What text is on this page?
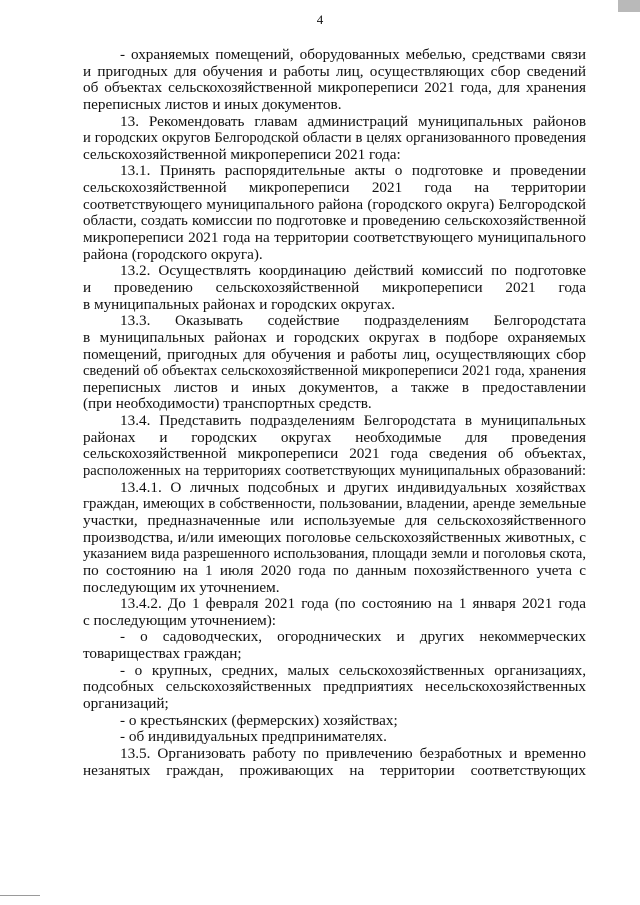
4
- охраняемых помещений, оборудованных мебелью, средствами связи
и пригодных для обучения и работы лиц, осуществляющих сбор сведений
об объектах сельскохозяйственной микропереписи 2021 года, для хранения
переписных листов и иных документов.
13. Рекомендовать главам администраций муниципальных районов
и городских округов Белгородской области в целях организованного проведения
сельскохозяйственной микропереписи 2021 года:
13.1. Принять распорядительные акты о подготовке и проведении
сельскохозяйственной микропереписи 2021 года на территории
соответствующего муниципального района (городского округа) Белгородской
области, создать комиссии по подготовке и проведению сельскохозяйственной
микропереписи 2021 года на территории соответствующего муниципального
района (городского округа).
13.2. Осуществлять координацию действий комиссий по подготовке
и проведению сельскохозяйственной микропереписи 2021 года
в муниципальных районах и городских округах.
13.3. Оказывать содействие подразделениям Белгородстата
в муниципальных районах и городских округах в подборе охраняемых
помещений, пригодных для обучения и работы лиц, осуществляющих сбор
сведений об объектах сельскохозяйственной микропереписи 2021 года, хранения
переписных листов и иных документов, а также в предоставлении
(при необходимости) транспортных средств.
13.4. Представить подразделениям Белгородстата в муниципальных
районах и городских округах необходимые для проведения
сельскохозяйственной микропереписи 2021 года сведения об объектах,
расположенных на территориях соответствующих муниципальных образований:
13.4.1. О личных подсобных и других индивидуальных хозяйствах
граждан, имеющих в собственности, пользовании, владении, аренде земельные
участки, предназначенные или используемые для сельскохозяйственного
производства, и/или имеющих поголовье сельскохозяйственных животных, с
указанием вида разрешенного использования, площади земли и поголовья скота,
по состоянию на 1 июля 2020 года по данным похозяйственного учета с
последующим их уточнением.
13.4.2. До 1 февраля 2021 года (по состоянию на 1 января 2021 года
с последующим уточнением):
- о садоводческих, огороднических и других некоммерческих
товариществах граждан;
- о крупных, средних, малых сельскохозяйственных организациях,
подсобных сельскохозяйственных предприятиях несельскохозяйственных
организаций;
- о крестьянских (фермерских) хозяйствах;
- об индивидуальных предпринимателях.
13.5. Организовать работу по привлечению безработных и временно
незанятых граждан, проживающих на территории соответствующих
